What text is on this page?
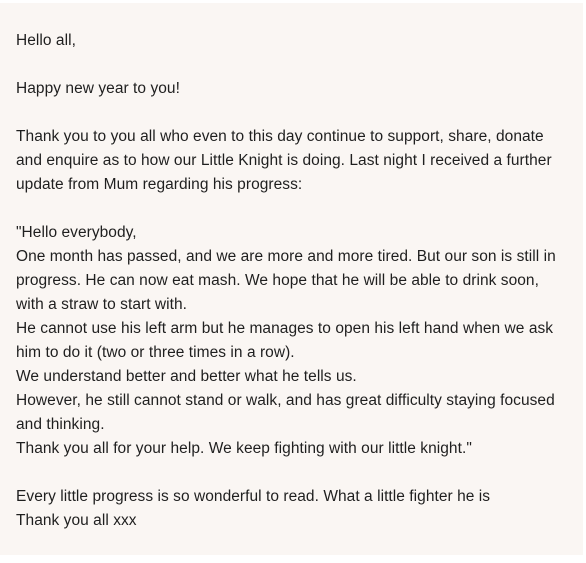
Hello all,
Happy new year to you!
Thank you to you all who even to this day continue to support, share, donate
and enquire as to how our Little Knight is doing. Last night I received a further
update from Mum regarding his progress:
"Hello everybody,
One month has passed, and we are more and more tired. But our son is still in
progress. He can now eat mash. We hope that he will be able to drink soon,
with a straw to start with.
He cannot use his left arm but he manages to open his left hand when we ask
him to do it (two or three times in a row).
We understand better and better what he tells us.
However, he still cannot stand or walk, and has great difficulty staying focused
and thinking.
Thank you all for your help. We keep fighting with our little knight."
Every little progress is so wonderful to read. What a little fighter he is
Thank you all xxx
